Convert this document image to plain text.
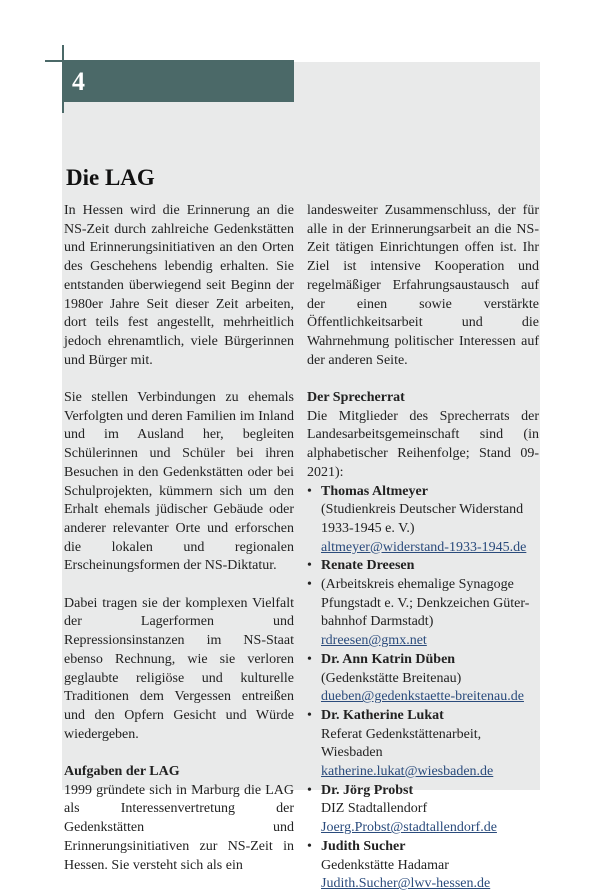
4
Die LAG

In Hessen wird die Erinnerung an die NS-Zeit durch zahlreiche Gedenkstätten und Erinnerungsinitiativen an den Orten des Geschehens lebendig erhalten. Sie entstanden überwiegend seit Beginn der 1980er Jahre Seit dieser Zeit arbeiten, dort teils fest angestellt, mehrheitlich jedoch ehrenamtlich, viele Bürgerinnen und Bürger mit.

Sie stellen Verbindungen zu ehemals Verfolgten und deren Familien im Inland und im Ausland her, begleiten Schülerinnen und Schüler bei ihren Besuchen in den Gedenkstätten oder bei Schulprojekten, kümmern sich um den Erhalt ehemals jüdischer Gebäude oder anderer relevanter Orte und erforschen die lokalen und regionalen Erscheinungsformen der NS-Diktatur.

Dabei tragen sie der komplexen Vielfalt der Lagerformen und Repressionsinstanzen im NS-Staat ebenso Rechnung, wie sie verloren geglaubte religiöse und kulturelle Traditionen dem Vergessen entreißen und den Opfern Gesicht und Würde wiedergeben.

Aufgaben der LAG

1999 gründete sich in Marburg die LAG als Interessenvertretung der Gedenkstätten und Erinnerungsinitiativen zur NS-Zeit in Hessen. Sie versteht sich als ein

landesweiter Zusammenschluss, der für alle in der Erinnerungsarbeit an die NS-Zeit tätigen Einrichtungen offen ist. Ihr Ziel ist intensive Kooperation und regelmäßiger Erfahrungsaustausch auf der einen sowie verstärkte Öffentlichkeitsarbeit und die Wahrnehmung politischer Interessen auf der anderen Seite.

Der Sprecherrat

Die Mitglieder des Sprecherrats der Landesarbeitsgemeinschaft sind (in alphabetischer Reihenfolge; Stand 09-2021):

• Thomas Altmeyer
(Studienkreis Deutscher Widerstand
1933-1945 e. V.)
altmeyer@widerstand-1933-1945.de
• Renate Dreesen
• (Arbeitskreis ehemalige Synagoge
Pfungstadt e. V.; Denkzeichen Güter-
bahnhof Darmstadt)
rdreesen@gmx.net
• Dr. Ann Katrin Düben
(Gedenkstätte Breitenau)
dueben@gedenkstaette-breitenau.de
• Dr. Katherine Lukat
Referat Gedenkstättenarbeit, Wiesbaden
katherine.lukat@wiesbaden.de
• Dr. Jörg Probst
DIZ Stadtallendorf
Joerg.Probst@stadtallendorf.de
• Judith Sucher
Gedenkstätte Hadamar
Judith.Sucher@lwv-hessen.de
